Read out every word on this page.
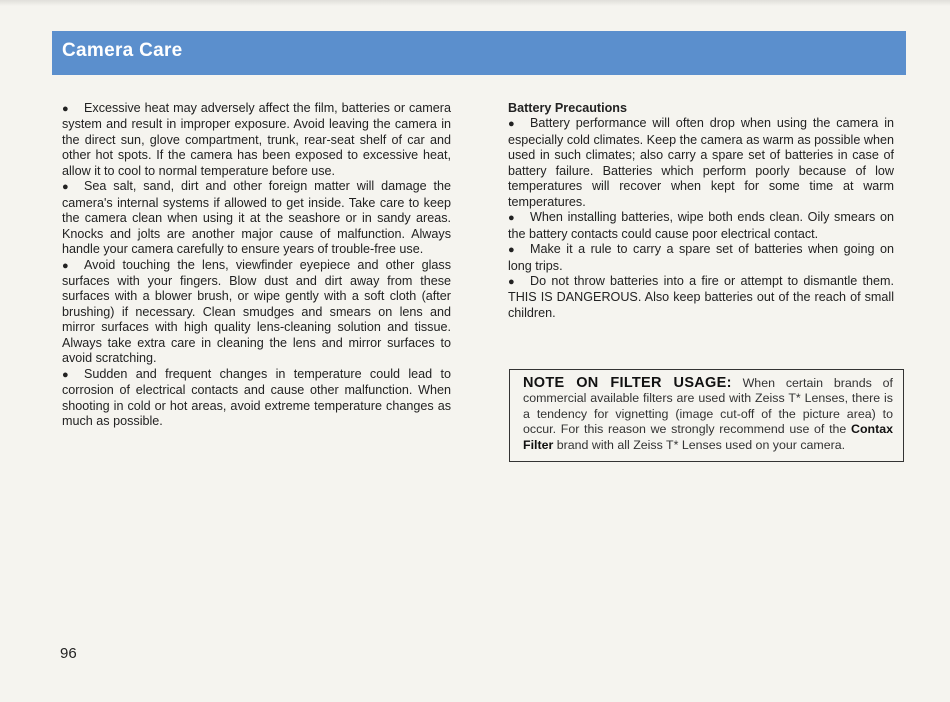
Camera Care

● Excessive heat may adversely affect the film, batteries or camera system and result in improper exposure. Avoid leaving the camera in the direct sun, glove compartment, trunk, rear-seat shelf of car and other hot spots. If the camera has been exposed to excessive heat, allow it to cool to normal temperature before use.

● Sea salt, sand, dirt and other foreign matter will damage the camera's internal systems if allowed to get inside. Take care to keep the camera clean when using it at the seashore or in sandy areas. Knocks and jolts are another major cause of malfunction. Always handle your camera carefully to ensure years of trouble-free use.

● Avoid touching the lens, viewfinder eyepiece and other glass surfaces with your fingers. Blow dust and dirt away from these surfaces with a blower brush, or wipe gently with a soft cloth (after brushing) if necessary. Clean smudges and smears on lens and mirror surfaces with high quality lens-cleaning solution and tissue. Always take extra care in cleaning the lens and mirror surfaces to avoid scratching.

● Sudden and frequent changes in temperature could lead to corrosion of electrical contacts and cause other malfunction. When shooting in cold or hot areas, avoid extreme temperature changes as much as possible.

Battery Precautions

● Battery performance will often drop when using the camera in especially cold climates. Keep the camera as warm as possible when used in such climates; also carry a spare set of batteries in case of battery failure. Batteries which perform poorly because of low temperatures will recover when kept for some time at warm temperatures.

● When installing batteries, wipe both ends clean. Oily smears on the battery contacts could cause poor electrical contact.

● Make it a rule to carry a spare set of batteries when going on long trips.

● Do not throw batteries into a fire or attempt to dismantle them. THIS IS DANGEROUS. Also keep batteries out of the reach of small children.

NOTE ON FILTER USAGE: When certain brands of commercial available filters are used with Zeiss T* Lenses, there is a tendency for vignetting (image cut-off of the picture area) to occur. For this reason we strongly recommend use of the Contax Filter brand with all Zeiss T* Lenses used on your camera.
96
